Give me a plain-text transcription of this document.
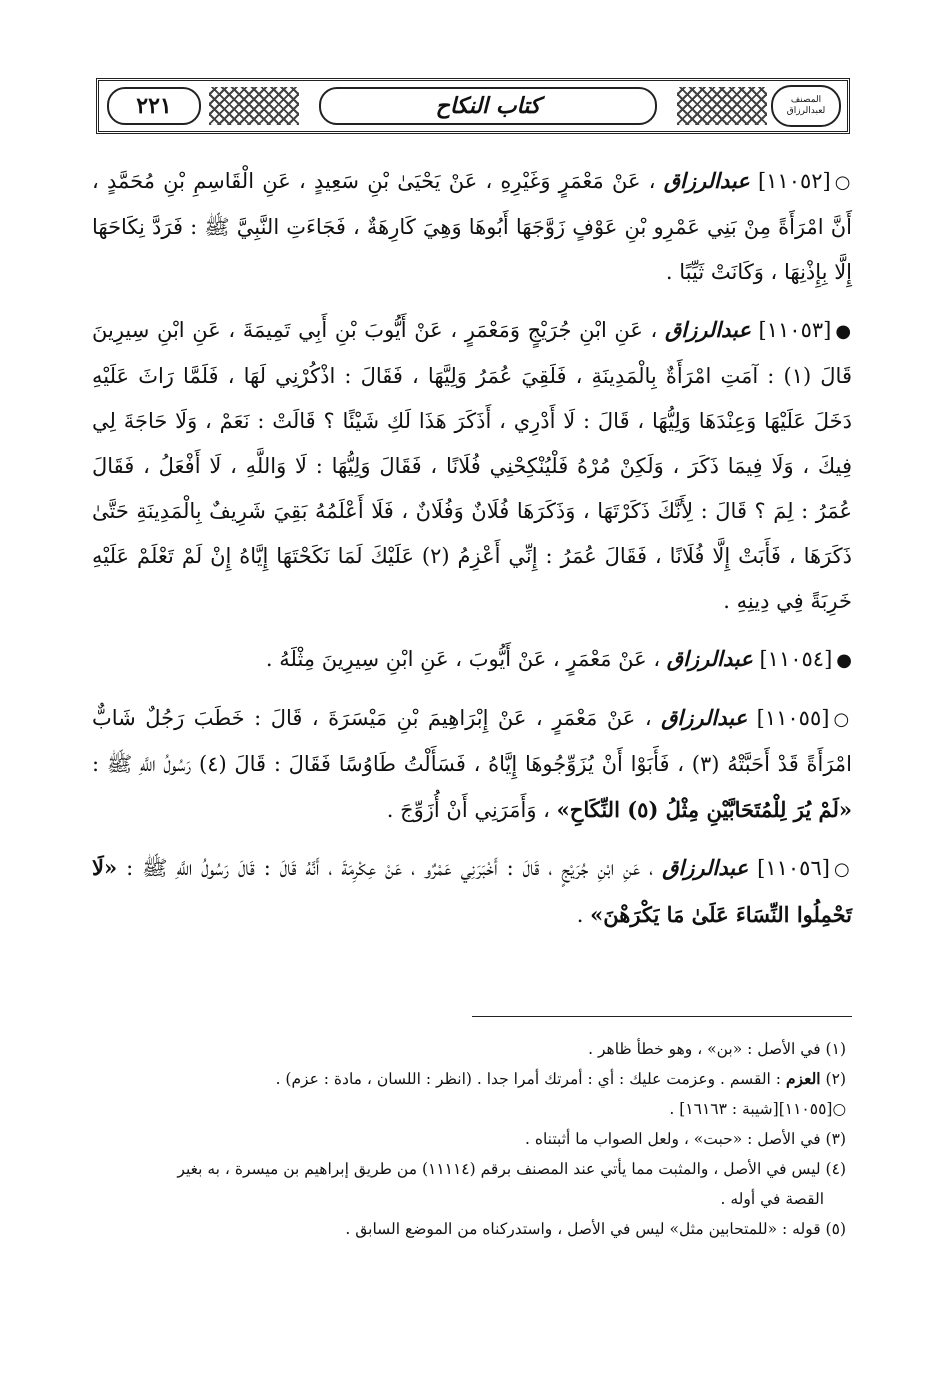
المصنف
لعبدالرزاق
كتاب النكاح
٢٢١

○[١١٠٥٢] عبدالرزاق ، عَنْ مَعْمَرٍ وَغَيْرِهِ ، عَنْ يَحْيَىٰ بْنِ سَعِيدٍ ، عَنِ الْقَاسِمِ بْنِ مُحَمَّدٍ ، أَنَّ امْرَأَةً مِنْ بَنِي عَمْرِو بْنِ عَوْفٍ زَوَّجَهَا أَبُوهَا وَهِيَ كَارِهَةٌ ، فَجَاءَتِ النَّبِيَّ ﷺ : فَرَدَّ نِكَاحَهَا إِلَّا بِإِذْنِهَا ، وَكَانَتْ ثَيِّبًا .

●[١١٠٥٣] عبدالرزاق ، عَنِ ابْنِ جُرَيْجٍ وَمَعْمَرٍ ، عَنْ أَيُّوبَ بْنِ أَبِي تَمِيمَةَ ، عَنِ ابْنِ سِيرِينَ قَالَ (١) : آمَتِ امْرَأَةٌ بِالْمَدِينَةِ ، فَلَقِيَ عُمَرُ وَلِيَّهَا ، فَقَالَ : اذْكُرْنِي لَهَا ، فَلَمَّا رَاثَ عَلَيْهِ دَخَلَ عَلَيْهَا وَعِنْدَهَا وَلِيُّهَا ، قَالَ : لَا أَدْرِي ، أَذَكَرَ هَذَا لَكِ شَيْئًا ؟ قَالَتْ : نَعَمْ ، وَلَا حَاجَةَ لِي فِيكَ ، وَلَا فِيمَا ذَكَرَ ، وَلَكِنْ مُرْهُ فَلْيُنْكِحْنِي فُلَانًا ، فَقَالَ وَلِيُّهَا : لَا وَاللَّهِ ، لَا أَفْعَلُ ، فَقَالَ عُمَرُ : لِمَ ؟ قَالَ : لِأَنَّكَ ذَكَرْتَهَا ، وَذَكَرَهَا فُلَانٌ وَفُلَانٌ ، فَلَا أَعْلَمُهُ بَقِيَ شَرِيفٌ بِالْمَدِينَةِ حَتَّىٰ ذَكَرَهَا ، فَأَبَتْ إِلَّا فُلَانًا ، فَقَالَ عُمَرُ : إِنِّي أَعْزِمُ (٢) عَلَيْكَ لَمَا نَكَحْتَهَا إِيَّاهُ إِنْ لَمْ تَعْلَمْ عَلَيْهِ خَرِبَةً فِي دِينِهِ .

●[١١٠٥٤] عبدالرزاق ، عَنْ مَعْمَرٍ ، عَنْ أَيُّوبَ ، عَنِ ابْنِ سِيرِينَ مِثْلَهُ .

○[١١٠٥٥] عبدالرزاق ، عَنْ مَعْمَرٍ ، عَنْ إِبْرَاهِيمَ بْنِ مَيْسَرَةَ ، قَالَ : خَطَبَ رَجُلٌ شَابٌّ امْرَأَةً قَدْ أَحَبَّتْهُ (٣) ، فَأَبَوْا أَنْ يُزَوِّجُوهَا إِيَّاهُ ، فَسَأَلْتُ طَاوُسًا فَقَالَ : قَالَ (٤) رَسُولُ اللَّهِ ﷺ : «لَمْ يُرَ لِلْمُتَحَابَّيْنِ مِثْلُ (٥) النِّكَاحِ» ، وَأَمَرَنِي أَنْ أُزَوِّجَ .

○[١١٠٥٦] عبدالرزاق ، عَنِ ابْنِ جُرَيْجٍ ، قَالَ : أَخْبَرَنِي عَمْرٌو ، عَنْ عِكْرِمَةَ ، أَنَّهُ قَالَ : قَالَ رَسُولُ اللَّهِ ﷺ : «لَا تَحْمِلُوا النِّسَاءَ عَلَىٰ مَا يَكْرَهْنَ» .

(١) في الأصل : «بن» ، وهو خطأ ظاهر .

(٢) العزم : القسم . وعزمت عليك : أي : أمرتك أمرا جدا . (انظر : اللسان ، مادة : عزم) .

○[١١٠٥٥][شيبة : ١٦١٦٣] .

(٣) في الأصل : «حبت» ، ولعل الصواب ما أثبتناه .

(٤) ليس في الأصل ، والمثبت مما يأتي عند المصنف برقم (١١١١٤) من طريق إبراهيم بن ميسرة ، به بغير

القصة في أوله .

(٥) قوله : «للمتحابين مثل» ليس في الأصل ، واستدركناه من الموضع السابق .
